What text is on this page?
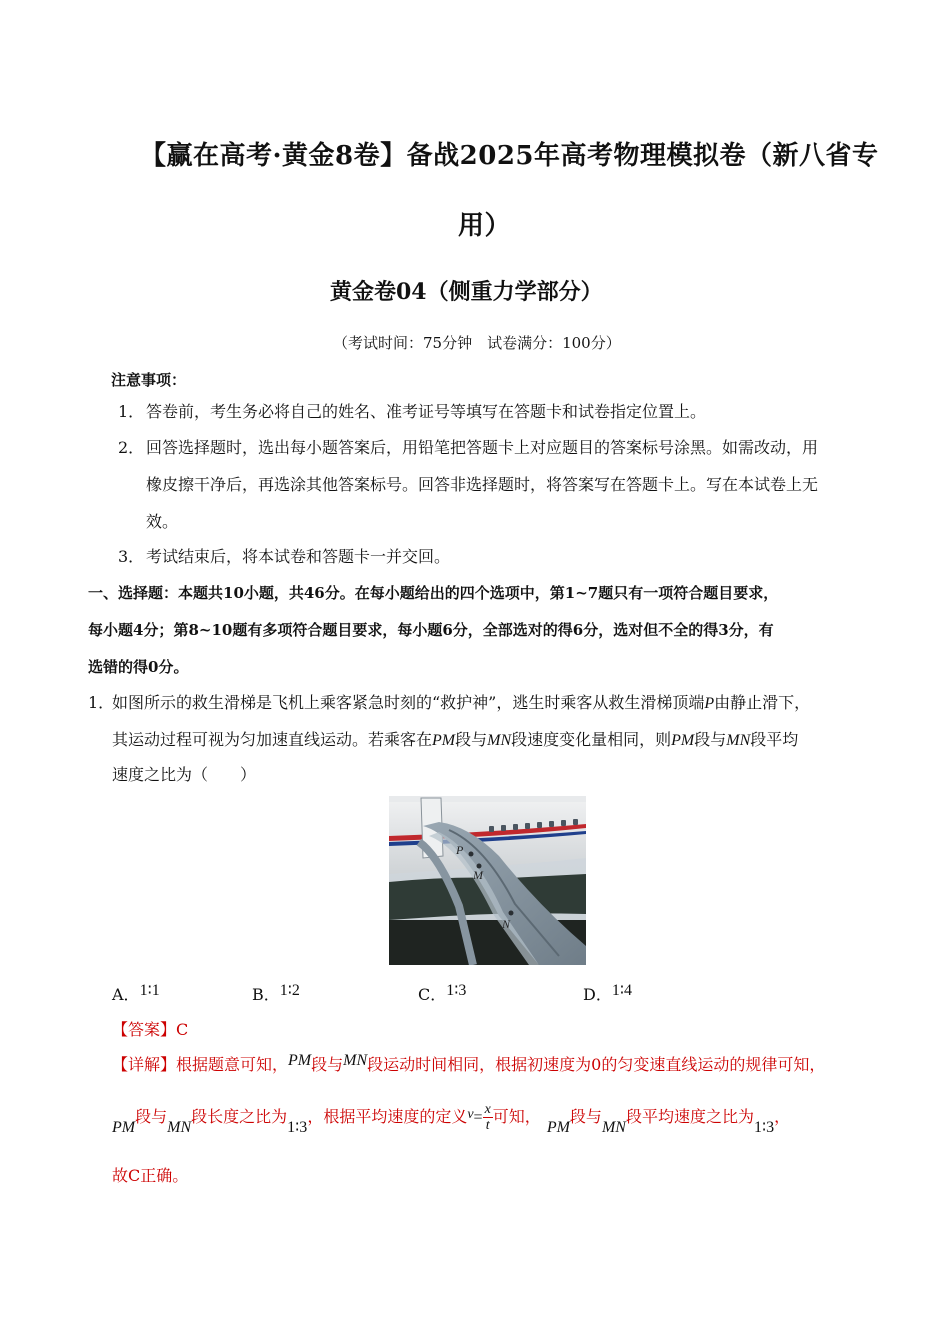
【赢在高考·黄金8卷】备战2025年高考物理模拟卷（新八省专
用）
黄金卷04（侧重力学部分）
（考试时间：75分钟　试卷满分：100分）
注意事项：
1． 答卷前，考生务必将自己的姓名、准考证号等填写在答题卡和试卷指定位置上。
2． 回答选择题时，选出每小题答案后，用铅笔把答题卡上对应题目的答案标号涂黑。如需改动，用
橡皮擦干净后，再选涂其他答案标号。回答非选择题时，将答案写在答题卡上。写在本试卷上无
效。
3． 考试结束后，将本试卷和答题卡一并交回。
一、选择题：本题共10小题，共46分。在每小题给出的四个选项中，第1~7题只有一项符合题目要求，
每小题4分；第8~10题有多项符合题目要求，每小题6分，全部选对的得6分，选对但不全的得3分，有
选错的得0分。
1．
如图所示的救生滑梯是飞机上乘客紧急时刻的“救护神”，逃生时乘客从救生滑梯顶端P由静止滑下，
其运动过程可视为匀加速直线运动。若乘客在PM段与MN段速度变化量相同，则PM段与MN段平均
速度之比为（　　）
P
M
N
A．1∶1	B．1∶2	C．1∶3	D．1∶4
【答案】C
【详解】根据题意可知，PM段与MN段运动时间相同，根据初速度为0的匀变速直线运动的规律可知，
PM段与MN段长度之比为1∶3，根据平均速度的定义$v= \frac{x}{t}$ 可知，PM段与MN段平均速度之比为1∶3，
故C正确。
